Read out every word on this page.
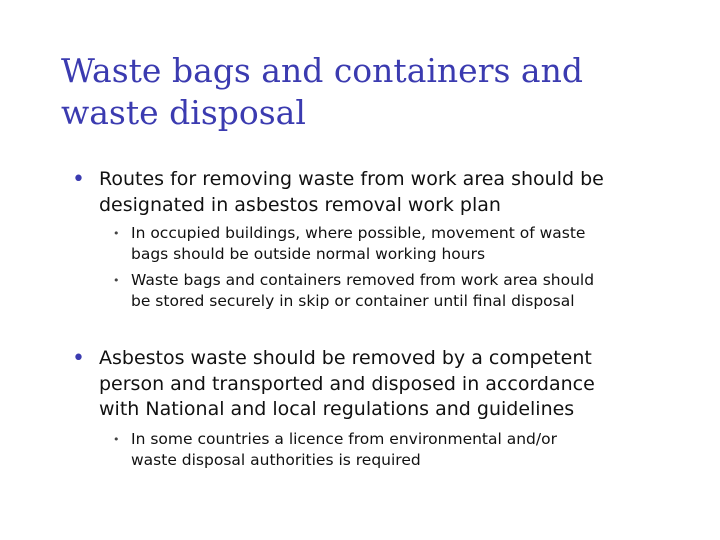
Waste bags and containers and
waste disposal
• Routes for removing waste from work area should be
designated in asbestos removal work plan
• In occupied buildings, where possible, movement of waste
bags should be outside normal working hours
• Waste bags and containers removed from work area should
be stored securely in skip or container until final disposal
• Asbestos waste should be removed by a competent
person and transported and disposed in accordance
with National and local regulations and guidelines
• In some countries a licence from environmental and/or
waste disposal authorities is required
